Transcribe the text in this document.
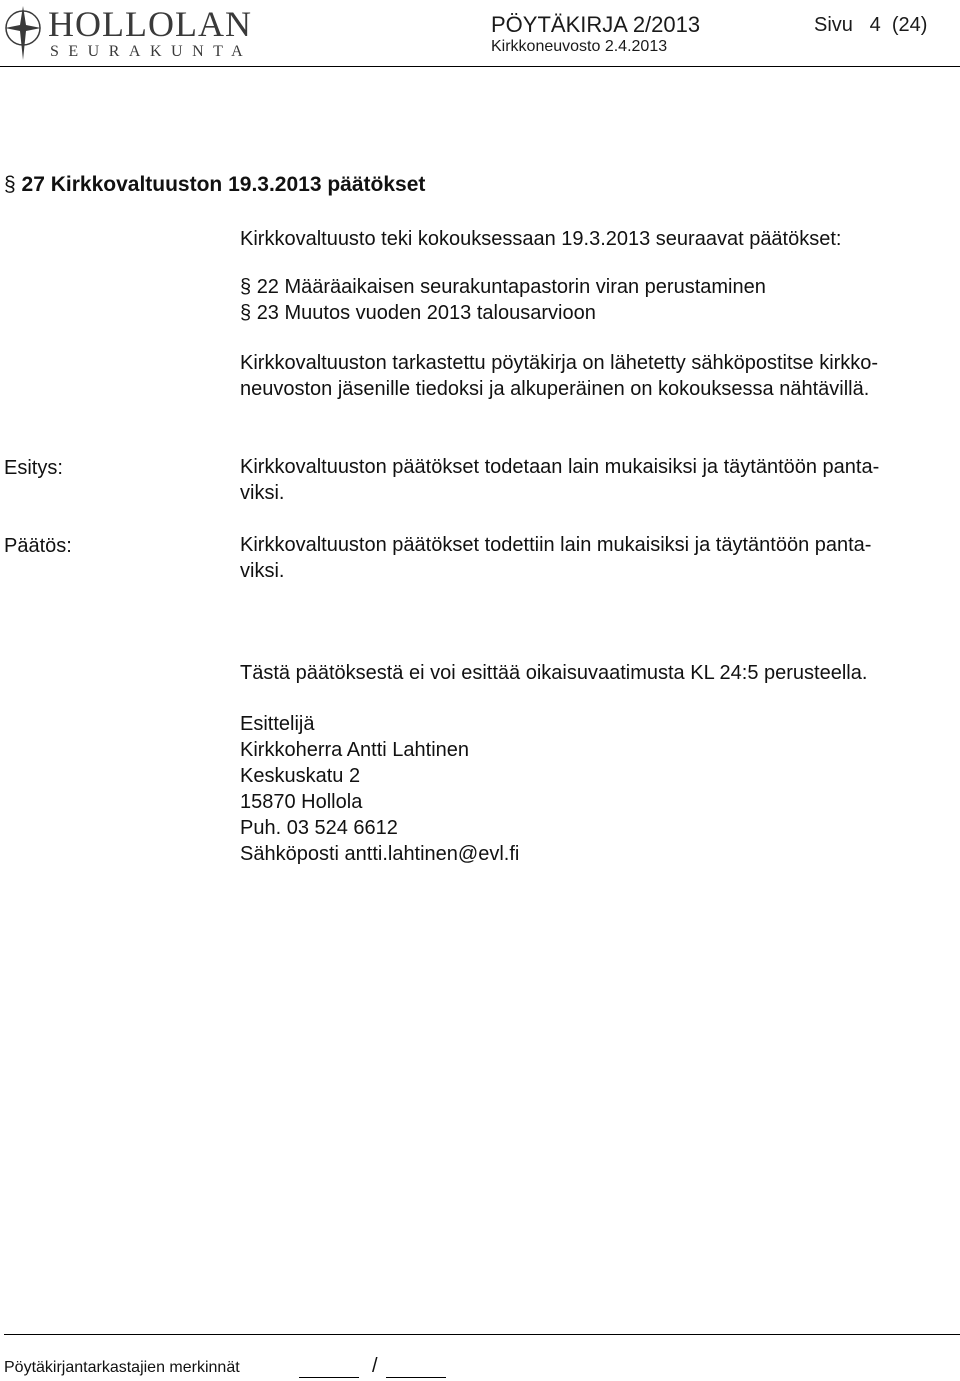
HOLLOLAN
SEURAKUNTA
PÖYTÄKIRJA 2/2013
Kirkkoneuvosto 2.4.2013
Sivu   4  (24)
§ 27 Kirkkovaltuuston 19.3.2013 päätökset
Kirkkovaltuusto teki kokouksessaan 19.3.2013 seuraavat päätökset:
§ 22 Määräaikaisen seurakuntapastorin viran perustaminen
§ 23 Muutos vuoden 2013 talousarvioon
Kirkkovaltuuston tarkastettu pöytäkirja on lähetetty sähköpostitse kirkko-
neuvoston jäsenille tiedoksi ja alkuperäinen on kokouksessa nähtävillä.
Esitys:	Kirkkovaltuuston päätökset todetaan lain mukaisiksi ja täytäntöön panta-
viksi.
Päätös:	Kirkkovaltuuston päätökset todettiin lain mukaisiksi ja täytäntöön panta-
viksi.
Tästä päätöksestä ei voi esittää oikaisuvaatimusta KL 24:5 perusteella.
Esittelijä
Kirkkoherra Antti Lahtinen
Keskuskatu 2
15870 Hollola
Puh. 03 524 6612
Sähköposti antti.lahtinen@evl.fi
Pöytäkirjantarkastajien merkinnät	/
